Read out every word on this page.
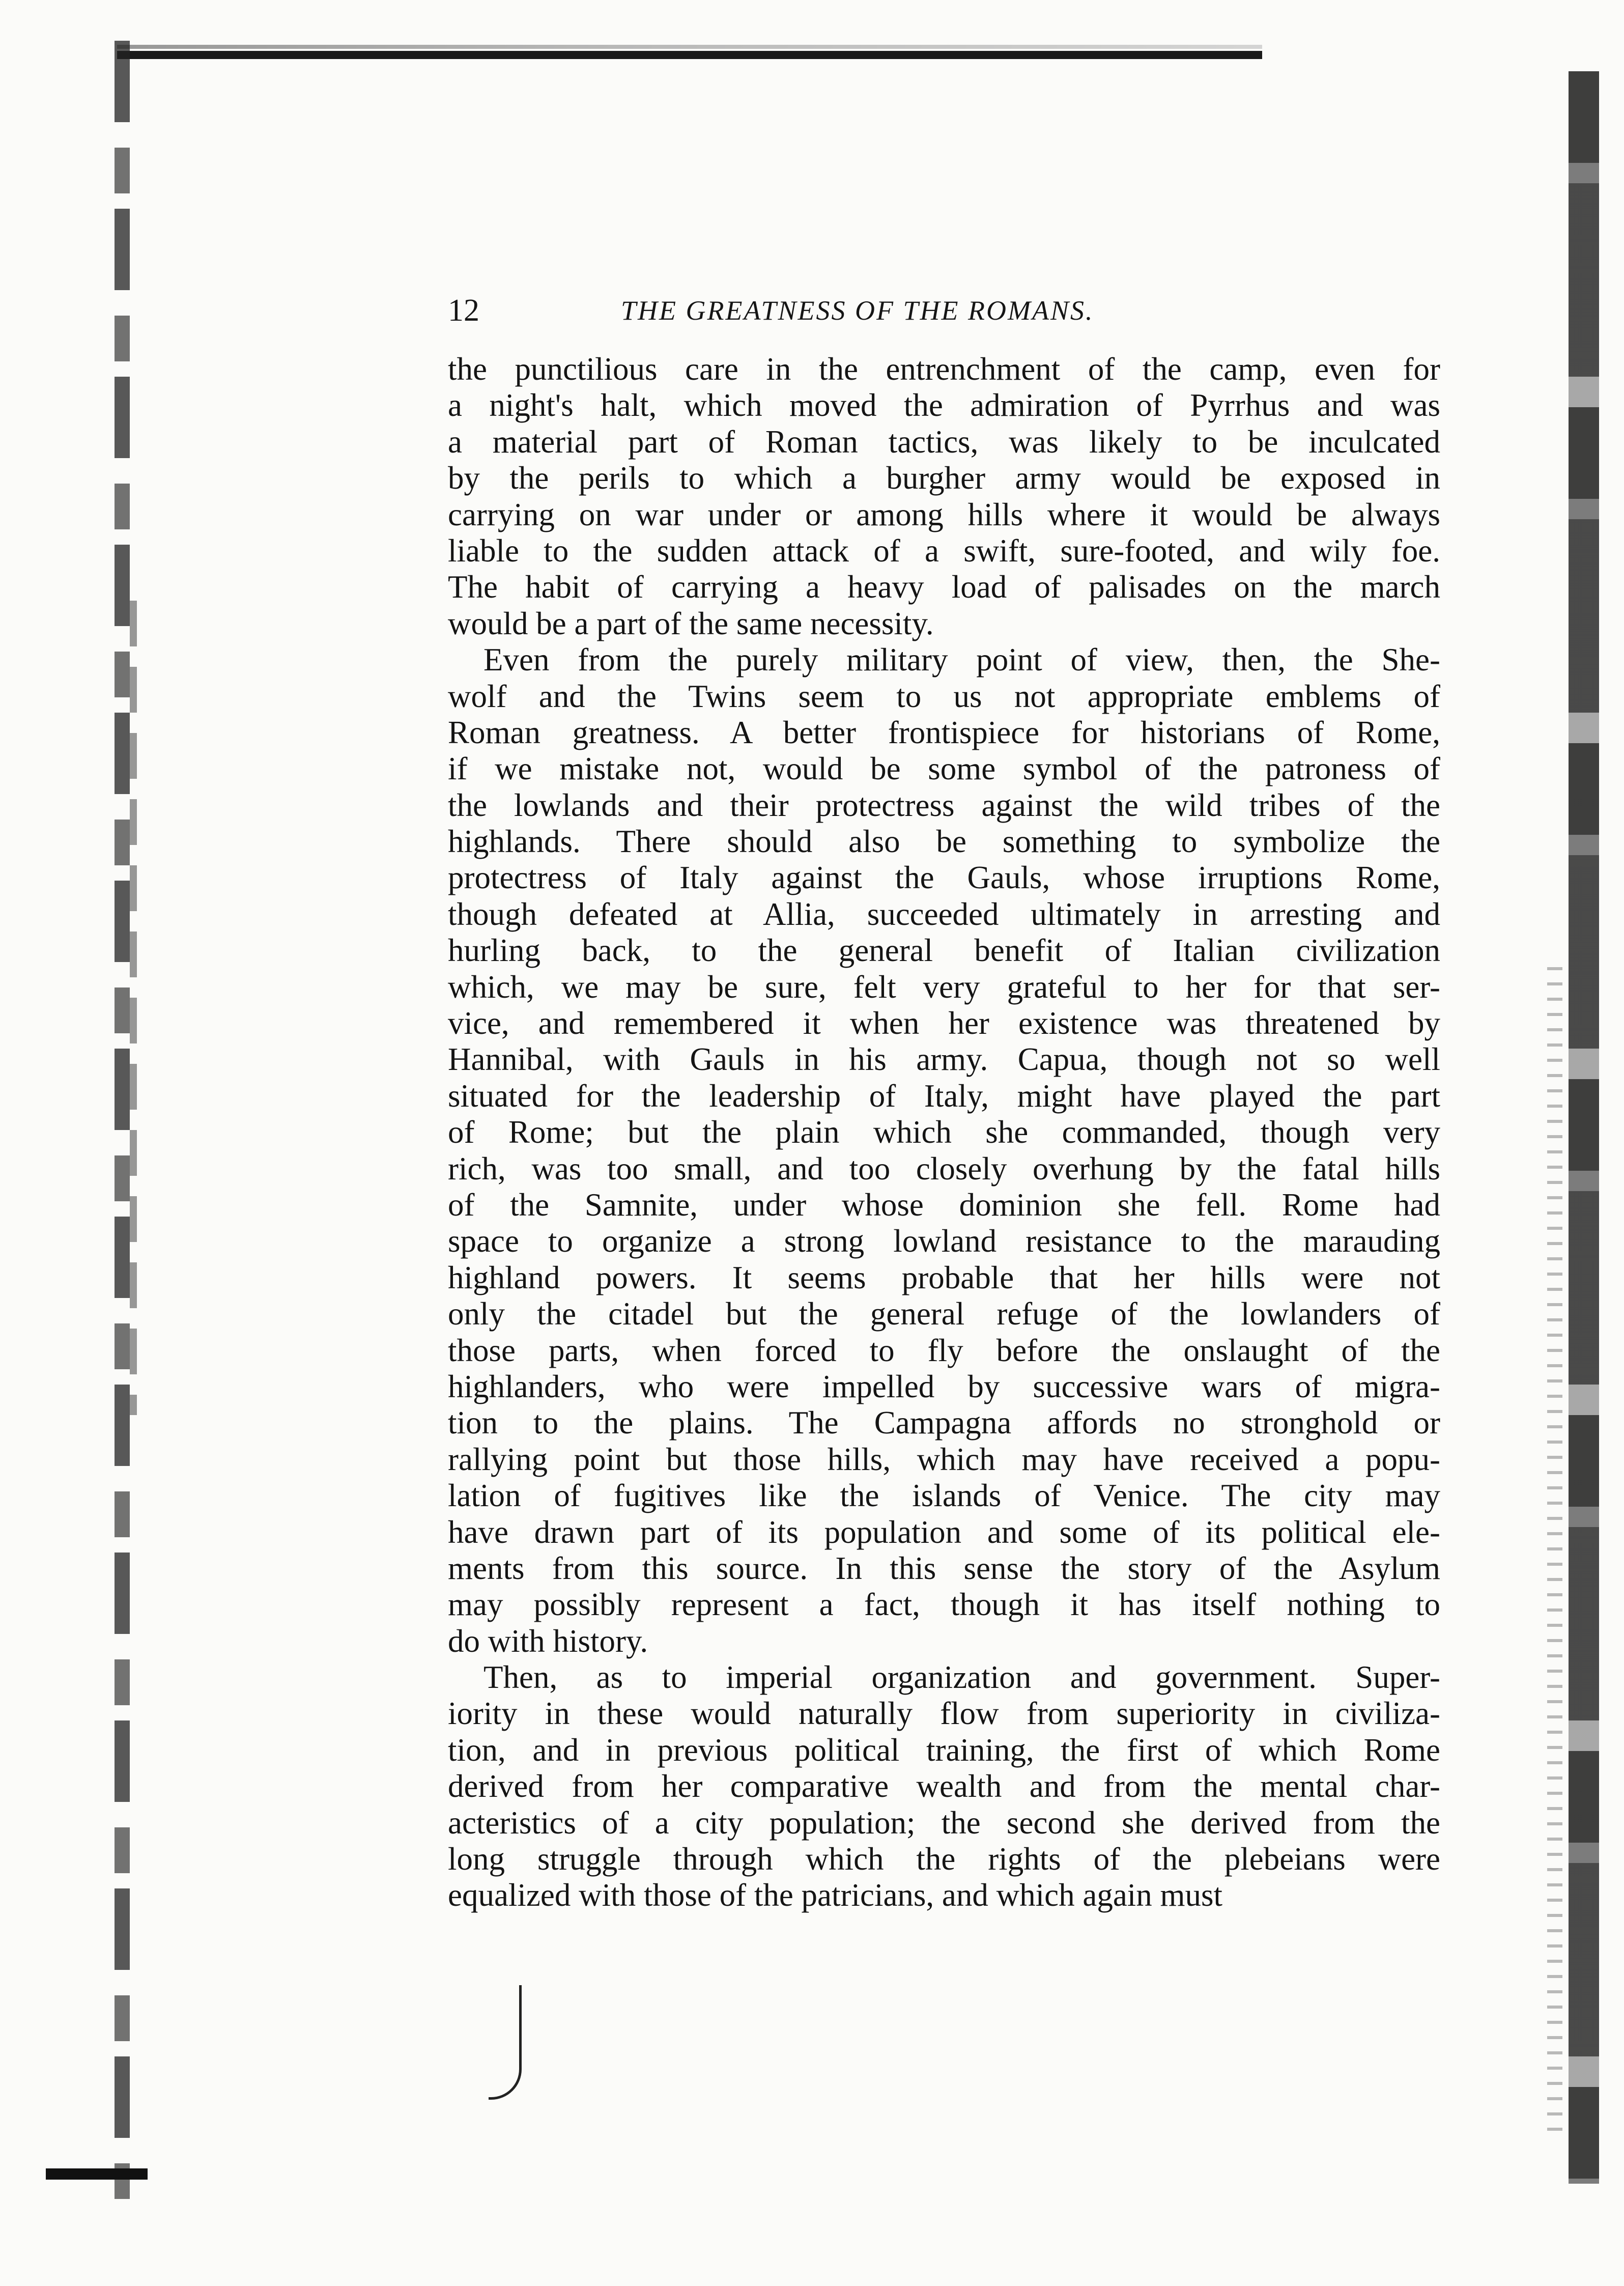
12	THE GREATNESS OF THE ROMANS.
the punctilious care in the entrenchment of the camp, even for
a night's halt, which moved the admiration of Pyrrhus and was
a material part of Roman tactics, was likely to be inculcated
by the perils to which a burgher army would be exposed in
carrying on war under or among hills where it would be always
liable to the sudden attack of a swift, sure-footed, and wily foe.
The habit of carrying a heavy load of palisades on the march
would be a part of the same necessity.
Even from the purely military point of view, then, the She-
wolf and the Twins seem to us not appropriate emblems of
Roman greatness. A better frontispiece for historians of Rome,
if we mistake not, would be some symbol of the patroness of
the lowlands and their protectress against the wild tribes of the
highlands. There should also be something to symbolize the
protectress of Italy against the Gauls, whose irruptions Rome,
though defeated at Allia, succeeded ultimately in arresting and
hurling back, to the general benefit of Italian civilization
which, we may be sure, felt very grateful to her for that ser-
vice, and remembered it when her existence was threatened by
Hannibal, with Gauls in his army. Capua, though not so well
situated for the leadership of Italy, might have played the part
of Rome; but the plain which she commanded, though very
rich, was too small, and too closely overhung by the fatal hills
of the Samnite, under whose dominion she fell. Rome had
space to organize a strong lowland resistance to the marauding
highland powers. It seems probable that her hills were not
only the citadel but the general refuge of the lowlanders of
those parts, when forced to fly before the onslaught of the
highlanders, who were impelled by successive wars of migra-
tion to the plains. The Campagna affords no stronghold or
rallying point but those hills, which may have received a popu-
lation of fugitives like the islands of Venice. The city may
have drawn part of its population and some of its political ele-
ments from this source. In this sense the story of the Asylum
may possibly represent a fact, though it has itself nothing to
do with history.
Then, as to imperial organization and government. Super-
iority in these would naturally flow from superiority in civiliza-
tion, and in previous political training, the first of which Rome
derived from her comparative wealth and from the mental char-
acteristics of a city population; the second she derived from the
long struggle through which the rights of the plebeians were
equalized with those of the patricians, and which again must
